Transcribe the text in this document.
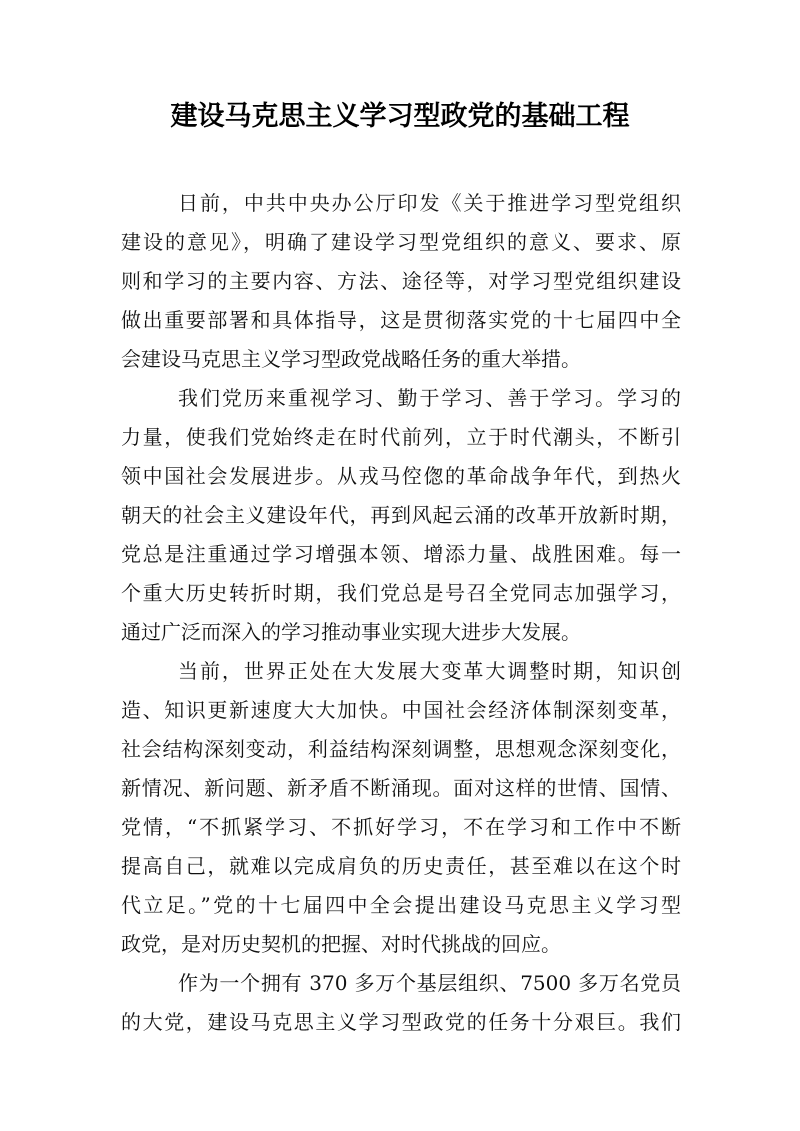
建设马克思主义学习型政党的基础工程
日前，中共中央办公厅印发《关于推进学习型党组织
建设的意见》，明确了建设学习型党组织的意义、要求、原
则和学习的主要内容、方法、途径等，对学习型党组织建设
做出重要部署和具体指导，这是贯彻落实党的十七届四中全
会建设马克思主义学习型政党战略任务的重大举措。
我们党历来重视学习、勤于学习、善于学习。学习的
力量，使我们党始终走在时代前列，立于时代潮头，不断引
领中国社会发展进步。从戎马倥偬的革命战争年代，到热火
朝天的社会主义建设年代，再到风起云涌的改革开放新时期，
党总是注重通过学习增强本领、增添力量、战胜困难。每一
个重大历史转折时期，我们党总是号召全党同志加强学习，
通过广泛而深入的学习推动事业实现大进步大发展。
当前，世界正处在大发展大变革大调整时期，知识创
造、知识更新速度大大加快。中国社会经济体制深刻变革，
社会结构深刻变动，利益结构深刻调整，思想观念深刻变化，
新情况、新问题、新矛盾不断涌现。面对这样的世情、国情、
党情，“不抓紧学习、不抓好学习，不在学习和工作中不断
提高自己，就难以完成肩负的历史责任，甚至难以在这个时
代立足。”党的十七届四中全会提出建设马克思主义学习型
政党，是对历史契机的把握、对时代挑战的回应。
作为一个拥有 370 多万个基层组织、7500 多万名党员
的大党，建设马克思主义学习型政党的任务十分艰巨。我们
